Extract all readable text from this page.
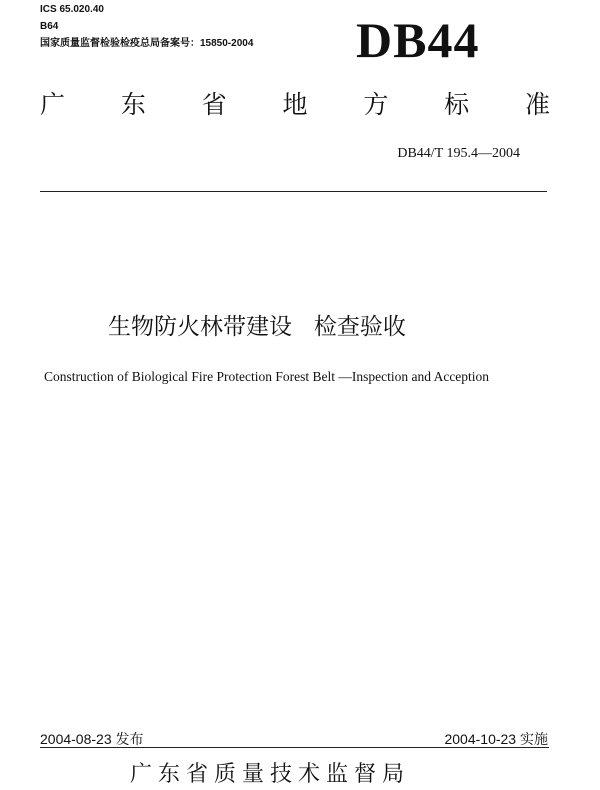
ICS 65.020.40
B64
国家质量监督检验检疫总局备案号：15850-2004 DB44
广 东 省 地 方 标 准
DB44/T 195.4—2004
生物防火林带建设   检查验收
Construction of Biological Fire Protection Forest Belt —Inspection and Acception
2004-08-23 发布	2004-10-23 实施
广东省质量技术监督局
